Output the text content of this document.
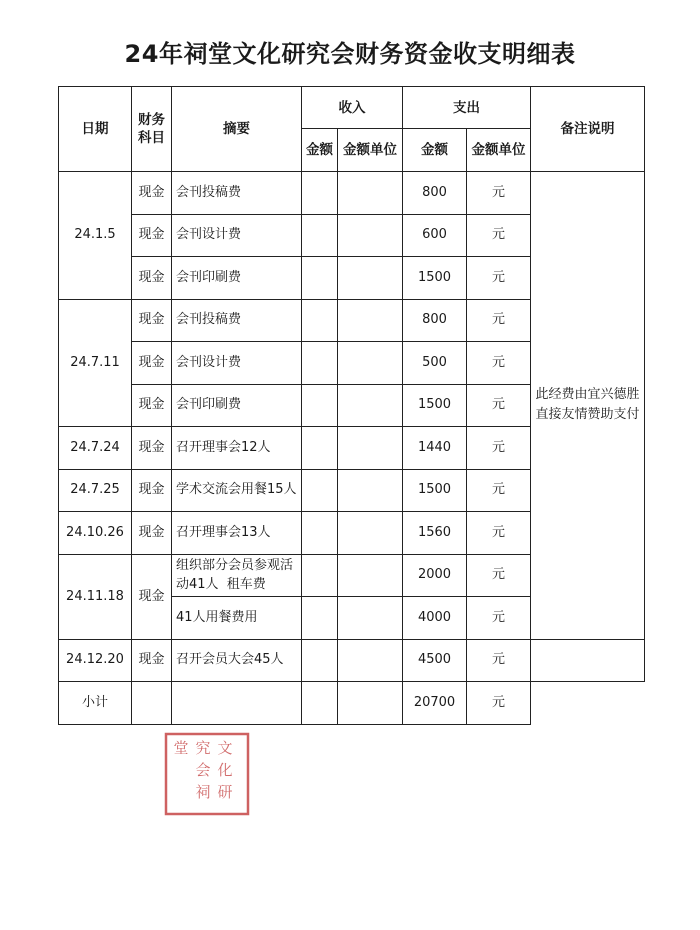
24年祠堂文化研究会财务资金收支明细表
日期	财务科目	摘要	收入		支出		备注说明
			金额	金额单位	金额	金额单位	
24.1.5	现金	会刊投稿费			800	元	此经费由宜兴德胜
直接友情赞助支付

	现金	会刊设计费			600	元	
	现金	会刊印刷费			1500	元	
24.7.11	现金	会刊投稿费			800	元	
	现金	会刊设计费			500	元	
	现金	会刊印刷费			1500	元	
24.7.24	现金	召开理事会12人			1440	元	
24.7.25	现金	学术交流会用餐15人			1500	元	
24.10.26	现金	召开理事会13人			1560	元	
24.11.18	现金	组织部分会员参观活
动41人  租车费			2000	元	
		41人用餐费用			4000	元	
24.12.20	现金	召开会员大会45人			4500	元	
小计					20700	元	
文
化
研
究
会
祠
堂
